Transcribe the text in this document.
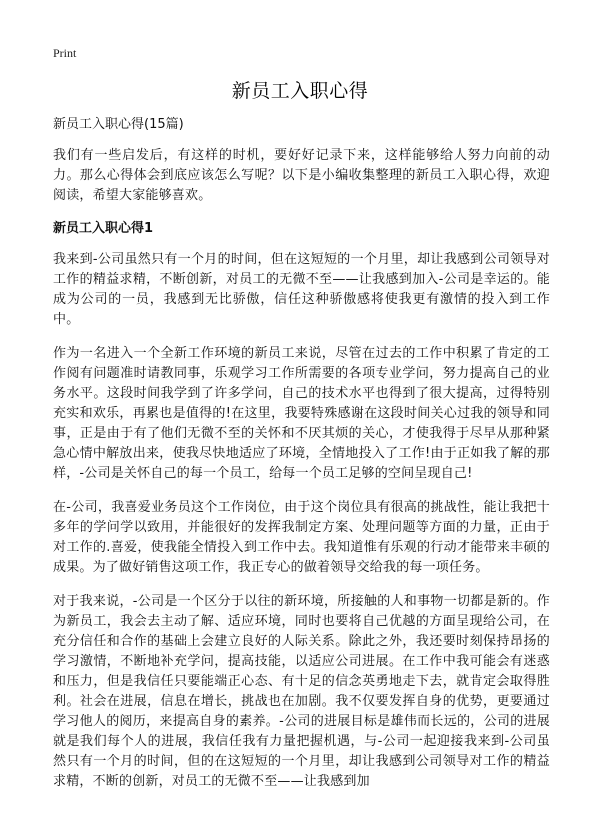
Print
新员工入职心得
新员工入职心得(15篇)

我们有一些启发后，有这样的时机，要好好记录下来，这样能够给人努力向前的动力。那么心得体会到底应该怎么写呢？以下是小编收集整理的新员工入职心得，欢迎阅读，希望大家能够喜欢。

新员工入职心得1

我来到-公司虽然只有一个月的时间，但在这短短的一个月里，却让我感到公司领导对工作的精益求精，不断创新，对员工的无微不至——让我感到加入-公司是幸运的。能成为公司的一员，我感到无比骄傲，信任这种骄傲感将使我更有激情的投入到工作中。

作为一名进入一个全新工作环境的新员工来说，尽管在过去的工作中积累了肯定的工作阅有问题准时请教同事，乐观学习工作所需要的各项专业学问，努力提高自己的业务水平。这段时间我学到了许多学问，自己的技术水平也得到了很大提高，过得特别充实和欢乐，再累也是值得的!在这里，我要特殊感谢在这段时间关心过我的领导和同事，正是由于有了他们无微不至的关怀和不厌其烦的关心，才使我得于尽早从那种紧急心情中解放出来，使我尽快地适应了环境，全情地投入了工作!由于正如我了解的那样，-公司是关怀自己的每一个员工，给每一个员工足够的空间呈现自己!

在-公司，我喜爱业务员这个工作岗位，由于这个岗位具有很高的挑战性，能让我把十多年的学问学以致用，并能很好的发挥我制定方案、处理问题等方面的力量，正由于对工作的.喜爱，使我能全情投入到工作中去。我知道惟有乐观的行动才能带来丰硕的成果。为了做好销售这项工作，我正专心的做着领导交给我的每一项任务。

对于我来说，-公司是一个区分于以往的新环境，所接触的人和事物一切都是新的。作为新员工，我会去主动了解、适应环境，同时也要将自己优越的方面呈现给公司，在充分信任和合作的基础上会建立良好的人际关系。除此之外，我还要时刻保持昂扬的学习激情，不断地补充学问，提高技能，以适应公司进展。在工作中我可能会有迷惑和压力，但是我信任只要能端正心态、有十足的信念英勇地走下去，就肯定会取得胜利。社会在进展，信息在增长，挑战也在加剧。我不仅要发挥自身的优势，更要通过学习他人的阅历，来提高自身的素养。-公司的进展目标是雄伟而长远的，公司的进展就是我们每个人的进展，我信任我有力量把握机遇，与-公司一起迎接我来到-公司虽然只有一个月的时间，但的在这短短的一个月里，却让我感到公司领导对工作的精益求精，不断的创新，对员工的无微不至——让我感到加
